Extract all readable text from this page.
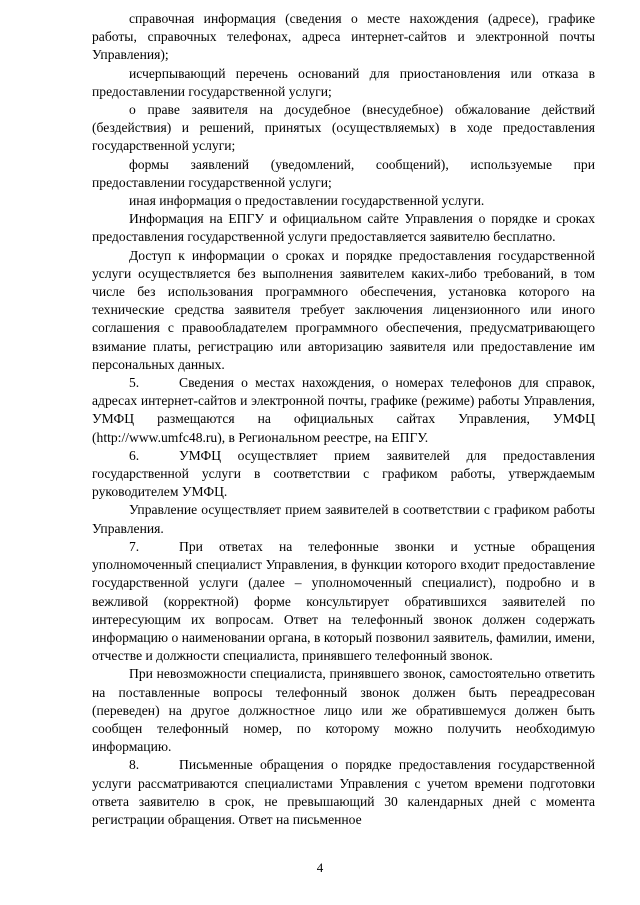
справочная информация (сведения о месте нахождения (адресе), графике работы, справочных телефонах, адреса интернет-сайтов и электронной почты Управления);

исчерпывающий перечень оснований для приостановления или отказа в предоставлении государственной услуги;

о праве заявителя на досудебное (внесудебное) обжалование действий (бездействия) и решений, принятых (осуществляемых) в ходе предоставления государственной услуги;

формы заявлений (уведомлений, сообщений), используемые при предоставлении государственной услуги;

иная информация о предоставлении государственной услуги.

Информация на ЕПГУ и официальном сайте Управления о порядке и сроках предоставления государственной услуги предоставляется заявителю бесплатно.

Доступ к информации о сроках и порядке предоставления государственной услуги осуществляется без выполнения заявителем каких-либо требований, в том числе без использования программного обеспечения, установка которого на технические средства заявителя требует заключения лицензионного или иного соглашения с правообладателем программного обеспечения, предусматривающего взимание платы, регистрацию или авторизацию заявителя или предоставление им персональных данных.

5.	Сведения о местах нахождения, о номерах телефонов для справок, адресах интернет-сайтов и электронной почты, графике (режиме) работы Управления, УМФЦ размещаются на официальных сайтах Управления, УМФЦ (http://www.umfc48.ru), в Региональном реестре, на ЕПГУ.

6.	УМФЦ осуществляет прием заявителей для предоставления государственной услуги в соответствии с графиком работы, утверждаемым руководителем УМФЦ.

Управление осуществляет прием заявителей в соответствии с графиком работы Управления.

7.	При ответах на телефонные звонки и устные обращения уполномоченный специалист Управления, в функции которого входит предоставление государственной услуги (далее – уполномоченный специалист), подробно и в вежливой (корректной) форме консультирует обратившихся заявителей по интересующим их вопросам. Ответ на телефонный звонок должен содержать информацию о наименовании органа, в который позвонил заявитель, фамилии, имени, отчестве и должности специалиста, принявшего телефонный звонок.

При невозможности специалиста, принявшего звонок, самостоятельно ответить на поставленные вопросы телефонный звонок должен быть переадресован (переведен) на другое должностное лицо или же обратившемуся должен быть сообщен телефонный номер, по которому можно получить необходимую информацию.

8.	Письменные обращения о порядке предоставления государственной услуги рассматриваются специалистами Управления с учетом времени подготовки ответа заявителю в срок, не превышающий 30 календарных дней с момента регистрации обращения. Ответ на письменное

4
